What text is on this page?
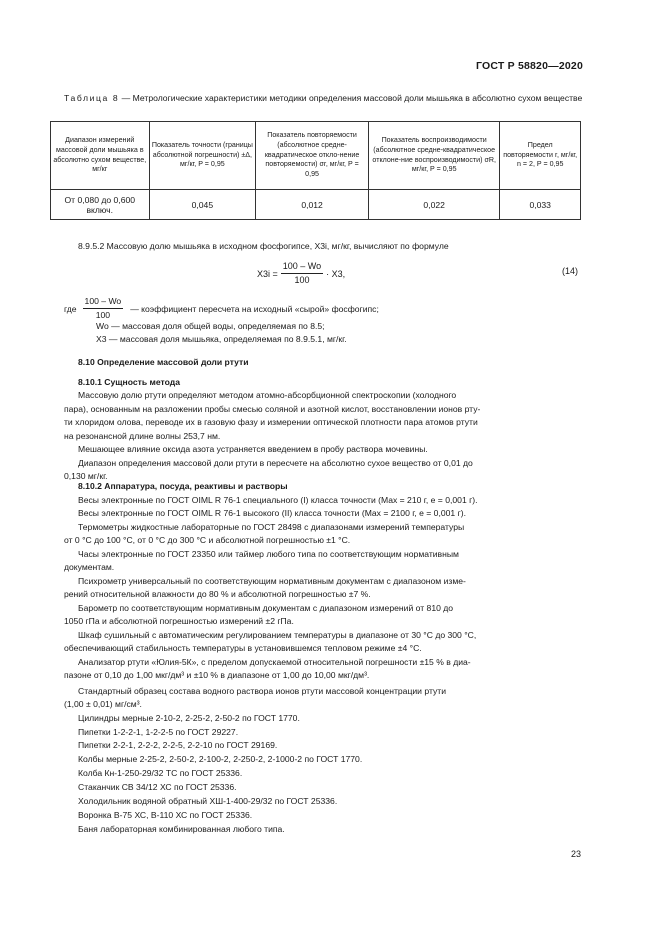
ГОСТ Р 58820—2020
Таблица 8 — Метрологические характеристики методики определения массовой доли мышьяка в абсолютно сухом веществе
Диапазон измерений массовой доли мышьяка в абсолютно сухом веществе, мг/кг	Показатель точности (границы абсолютной погрешности) ±Δ, мг/кг, P = 0,95	Показатель повторяемости (абсолютное средне-квадратическое откло-нение повторяемости) σr, мг/кг, P = 0,95	Показатель воспроизводимости (абсолютное средне-квадратическое отклоне-ние воспроизводимости) σR, мг/кг, P = 0,95	Предел повторяемости r, мг/кг, n = 2, P = 0,95
От 0,080 до 0,600 включ.	0,045	0,012	0,022	0,033
8.9.5.2 Массовую долю мышьяка в исходном фосфогипсе, X3i, мг/кг, вычисляют по формуле
$X3i = \frac{100 - Wo}{100} \cdot X3$,	(14)
где $\frac{100 - Wo}{100}$ — коэффициент пересчета на исходный «сырой» фосфогипс;
Wo — массовая доля общей воды, определяемая по 8.5;
X3 — массовая доля мышьяка, определяемая по 8.9.5.1, мг/кг.
8.10 Определение массовой доли ртути
8.10.1 Сущность метода
Массовую долю ртути определяют методом атомно-абсорбционной спектроскопии (холодного
пара), основанным на разложении пробы смесью соляной и азотной кислот, восстановлении ионов рту-
ти хлоридом олова, переводе их в газовую фазу и измерении оптической плотности пара атомов ртути
на резонансной длине волны 253,7 нм.
Мешающее влияние оксида азота устраняется введением в пробу раствора мочевины.
Диапазон определения массовой доли ртути в пересчете на абсолютно сухое вещество от 0,01 до
0,130 мг/кг.
8.10.2 Аппаратура, посуда, реактивы и растворы
Весы электронные по ГОСТ OIML R 76-1 специального (I) класса точности (Max = 210 г, e = 0,001 г).
Весы электронные по ГОСТ OIML R 76-1 высокого (II) класса точности (Max = 2100 г, e = 0,001 г).
Термометры жидкостные лабораторные по ГОСТ 28498 с диапазонами измерений температуры
от 0 °С до 100 °С, от 0 °С до 300 °С и абсолютной погрешностью ±1 °С.
Часы электронные по ГОСТ 23350 или таймер любого типа по соответствующим нормативным
документам.
Психрометр универсальный по соответствующим нормативным документам с диапазоном изме-
рений относительной влажности до 80 % и абсолютной погрешностью ±7 %.
Барометр по соответствующим нормативным документам с диапазоном измерений от 810 до
1050 гПа и абсолютной погрешностью измерений ±2 гПа.
Шкаф сушильный с автоматическим регулированием температуры в диапазоне от 30 °С до 300 °С,
обеспечивающий стабильность температуры в установившемся тепловом режиме ±4 °С.
Анализатор ртути «Юлия-5К», с пределом допускаемой относительной погрешности ±15 % в диа-
пазоне от 0,10 до 1,00 мкг/дм³ и ±10 % в диапазоне от 1,00 до 10,00 мкг/дм³.
Стандартный образец состава водного раствора ионов ртути массовой концентрации ртути
(1,00 ± 0,01) мг/см³.
Цилиндры мерные 2-10-2, 2-25-2, 2-50-2 по ГОСТ 1770.
Пипетки 1-2-2-1, 1-2-2-5 по ГОСТ 29227.
Пипетки 2-2-1, 2-2-2, 2-2-5, 2-2-10 по ГОСТ 29169.
Колбы мерные 2-25-2, 2-50-2, 2-100-2, 2-250-2, 2-1000-2 по ГОСТ 1770.
Колба Кн-1-250-29/32 ТС по ГОСТ 25336.
Стаканчик СВ 34/12 ХС по ГОСТ 25336.
Холодильник водяной обратный ХШ-1-400-29/32 по ГОСТ 25336.
Воронка В-75 ХС, В-110 ХС по ГОСТ 25336.
Баня лабораторная комбинированная любого типа.
23
